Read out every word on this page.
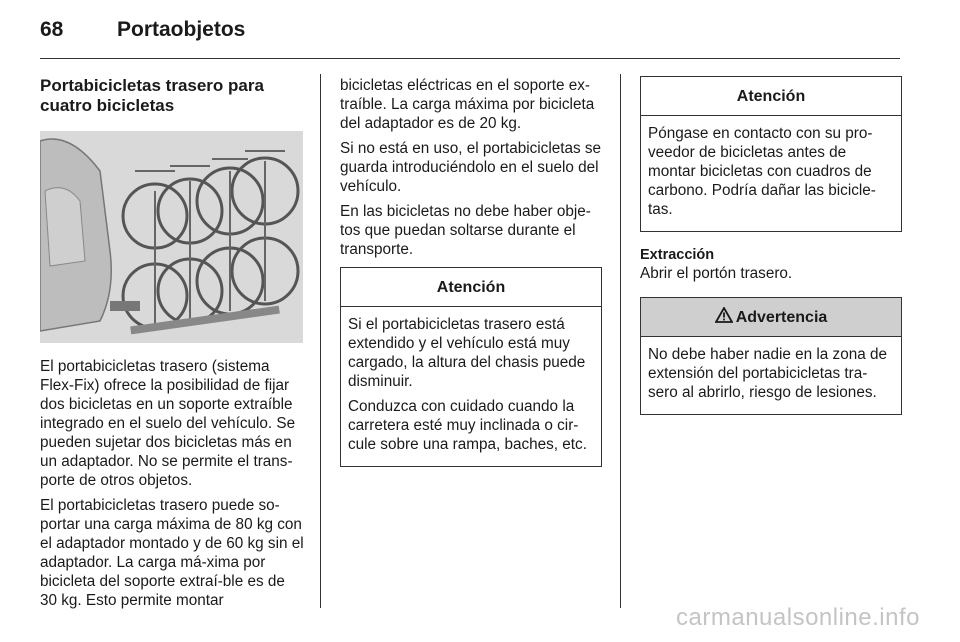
68	Portaobjetos
Portabicicletas trasero para cuatro bicicletas

El portabicicletas trasero (sistema Flex-Fix) ofrece la posibilidad de fijar dos bicicletas en un soporte extraíble integrado en el suelo del vehículo. Se pueden sujetar dos bicicletas más en un adaptador. No se permite el trans-porte de otros objetos.

El portabicicletas trasero puede so-portar una carga máxima de 80 kg con el adaptador montado y de 60 kg sin el adaptador. La carga má-xima por bicicleta del soporte extraí-ble es de 30 kg. Esto permite montar

bicicletas eléctricas en el soporte ex-traíble. La carga máxima por bicicleta del adaptador es de 20 kg.

Si no está en uso, el portabicicletas se guarda introduciéndolo en el suelo del vehículo.

En las bicicletas no debe haber obje-tos que puedan soltarse durante el transporte.

Atención

Si el portabicicletas trasero está extendido y el vehículo está muy cargado, la altura del chasis puede disminuir.

Conduzca con cuidado cuando la carretera esté muy inclinada o cir-cule sobre una rampa, baches, etc.

Atención

Póngase en contacto con su pro-veedor de bicicletas antes de montar bicicletas con cuadros de carbono. Podría dañar las bicicle-tas.

Extracción

Abrir el portón trasero.

Advertencia

No debe haber nadie en la zona de extensión del portabicicletas tra-sero al abrirlo, riesgo de lesiones.

carmanualsonline.info
